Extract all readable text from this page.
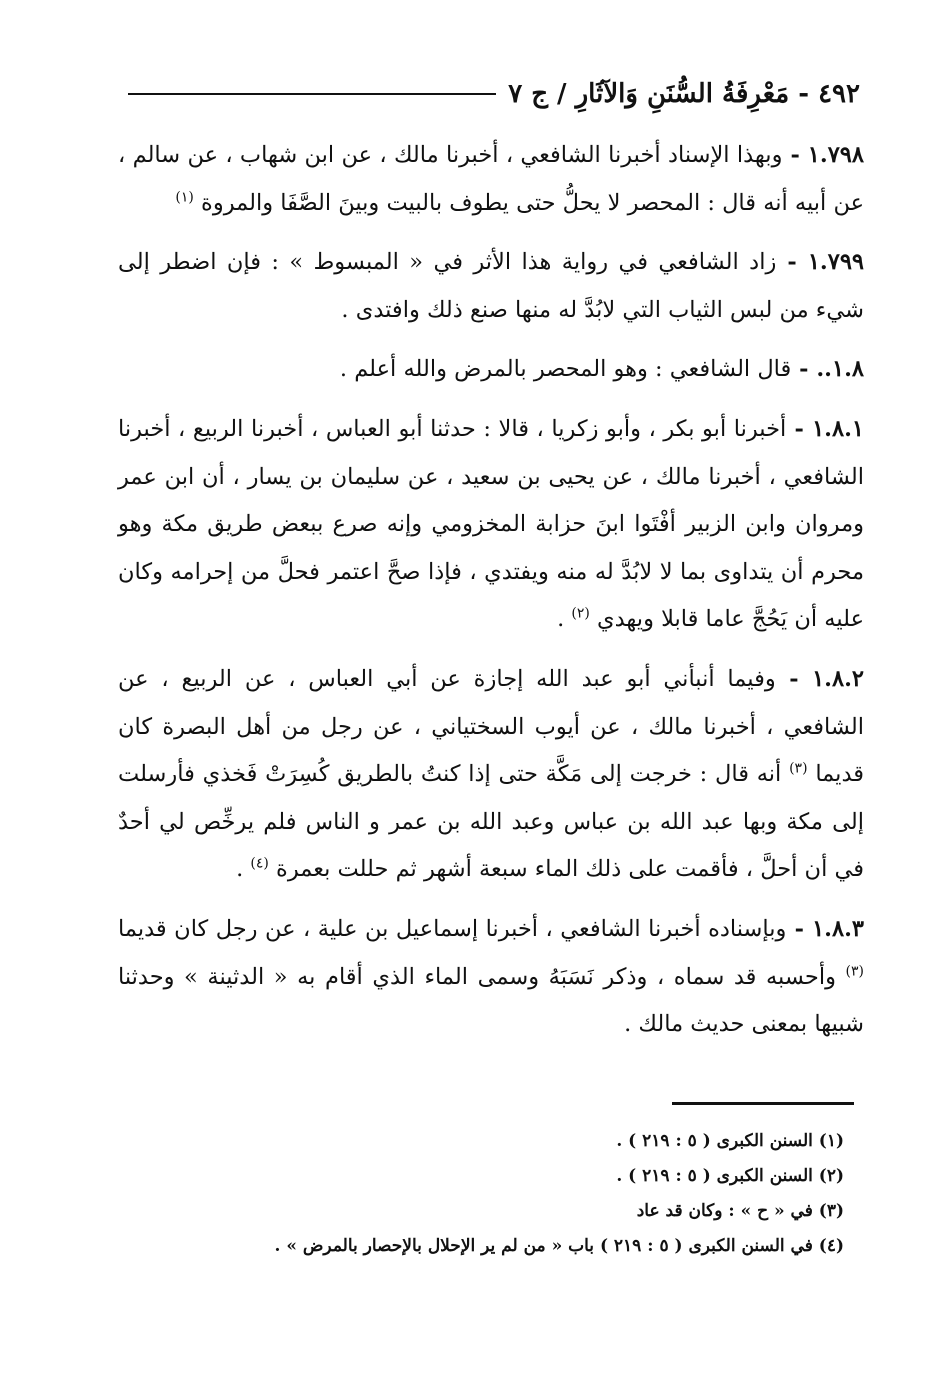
٤٩٢ - مَعْرِفَةُ السُّنَنِ وَالآثَارِ / ج ٧

١.٧٩٨ - وبهذا الإسناد أخبرنا الشافعي ، أخبرنا مالك ، عن ابن شهاب ، عن سالم ، عن أبيه أنه قال : المحصر لا يحلُّ حتى يطوف بالبيت وبينَ الصَّفَا والمروة $^{(١)}$

١.٧٩٩ - زاد الشافعي في رواية هذا الأثر في « المبسوط » : فإن اضطر إلى شيء من لبس الثياب التي لابُدَّ له منها صنع ذلك وافتدى .

١.٨.. - قال الشافعي : وهو المحصر بالمرض والله أعلم .

١.٨.١ - أخبرنا أبو بكر ، وأبو زكريا ، قالا : حدثنا أبو العباس ، أخبرنا الربيع ، أخبرنا الشافعي ، أخبرنا مالك ، عن يحيى بن سعيد ، عن سليمان بن يسار ، أن ابن عمر ومروان وابن الزبير أفْتَوا ابنَ حزابة المخزومي وإنه صرع ببعض طريق مكة وهو محرم أن يتداوى بما لا لابُدَّ له منه ويفتدي ، فإذا صحَّ اعتمر فحلَّ من إحرامه وكان عليه أن يَحُجَّ عاما قابلا ويهدي $^{(٢)}$ .

١.٨.٢ - وفيما أنبأني أبو عبد الله إجازة عن أبي العباس ، عن الربيع ، عن الشافعي ، أخبرنا مالك ، عن أيوب السختياني ، عن رجل من أهل البصرة كان قديما $^{(٣)}$ أنه قال : خرجت إلى مَكَّة حتى إذا كنتُ بالطريق كُسِرَتْ فَخذي فأرسلت إلى مكة وبها عبد الله بن عباس وعبد الله بن عمر و الناس فلم يرخِّص لي أحدٌ في أن أحلَّ ، فأقمت على ذلك الماء سبعة أشهر ثم حللت بعمرة $^{(٤)}$ .

١.٨.٣ - وبإسناده أخبرنا الشافعي ، أخبرنا إسماعيل بن علية ، عن رجل كان قديما $^{(٣)}$ وأحسبه قد سماه ، وذكر نَسَبَهُ وسمى الماء الذي أقام به « الدثينة » وحدثنا شبيها بمعنى حديث مالك .

(١) السنن الكبرى ( ٥ : ٢١٩ ) .

(٢) السنن الكبرى ( ٥ : ٢١٩ ) .

(٣) في « ح » : وكان قد عاد

(٤) في السنن الكبرى ( ٥ : ٢١٩ ) باب « من لم ير الإحلال بالإحصار بالمرض » .
